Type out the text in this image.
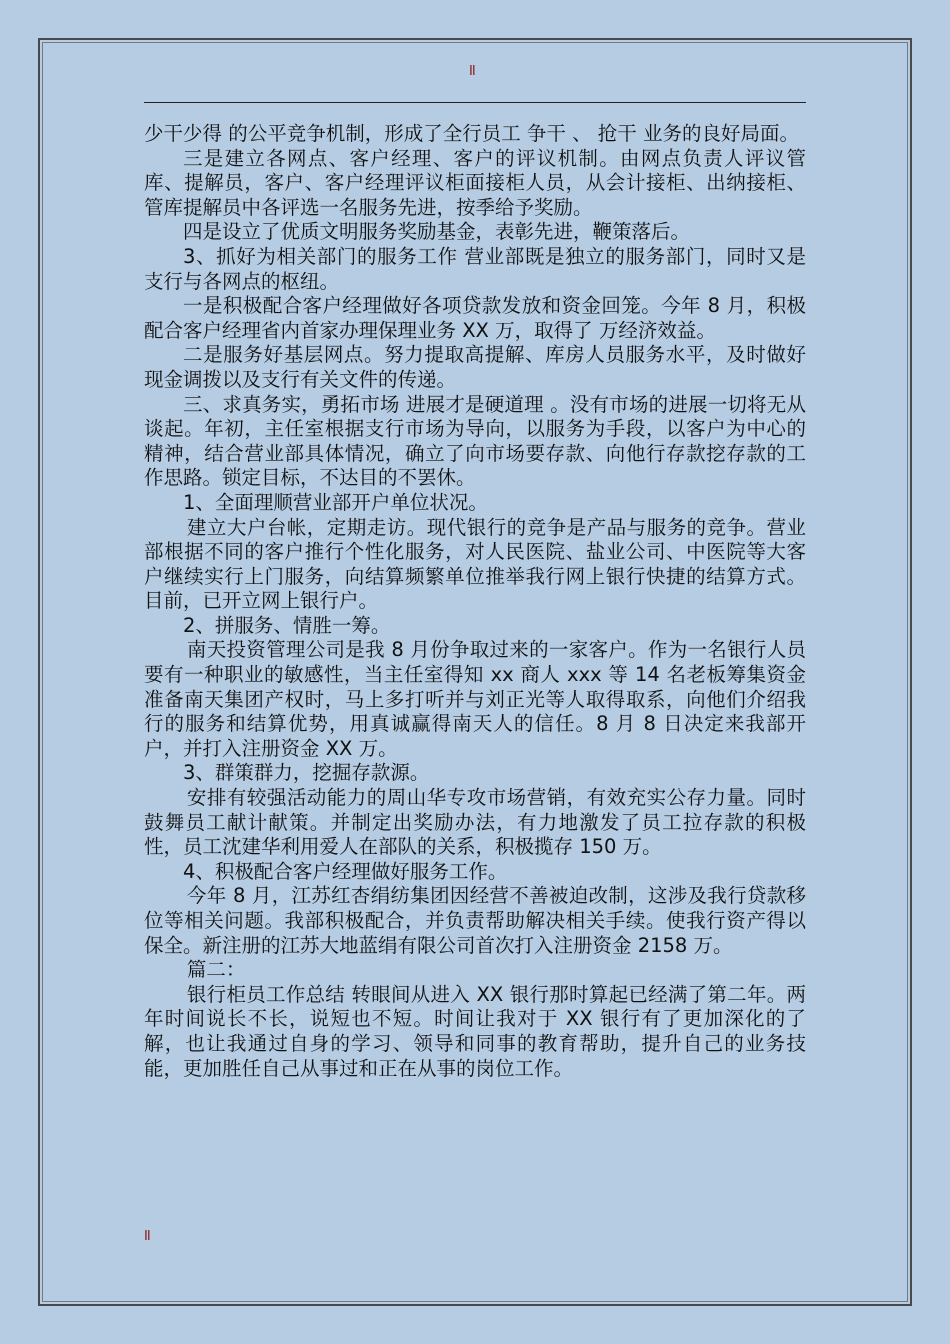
II

少干少得 的公平竞争机制，形成了全行员工 争干 、 抢干 业务的良好局面。

三是建立各网点、客户经理、客户的评议机制。由网点负责人评议管库、提解员，客户、客户经理评议柜面接柜人员，从会计接柜、出纳接柜、管库提解员中各评选一名服务先进，按季给予奖励。

四是设立了优质文明服务奖励基金，表彰先进，鞭策落后。

3、抓好为相关部门的服务工作 营业部既是独立的服务部门，同时又是支行与各网点的枢纽。

一是积极配合客户经理做好各项贷款发放和资金回笼。今年 8 月，积极配合客户经理省内首家办理保理业务 XX 万，取得了 万经济效益。

二是服务好基层网点。努力提取高提解、库房人员服务水平，及时做好现金调拨以及支行有关文件的传递。

三、求真务实，勇拓市场 进展才是硬道理 。没有市场的进展一切将无从谈起。年初，主任室根据支行市场为导向，以服务为手段，以客户为中心的精神，结合营业部具体情况，确立了向市场要存款、向他行存款挖存款的工作思路。锁定目标，不达目的不罢休。

1、全面理顺营业部开户单位状况。

建立大户台帐，定期走访。现代银行的竞争是产品与服务的竞争。营业部根据不同的客户推行个性化服务，对人民医院、盐业公司、中医院等大客户继续实行上门服务，向结算频繁单位推举我行网上银行快捷的结算方式。目前，已开立网上银行户。

2、拼服务、情胜一筹。

南天投资管理公司是我 8 月份争取过来的一家客户。作为一名银行人员要有一种职业的敏感性，当主任室得知 xx 商人 xxx 等 14 名老板筹集资金准备南天集团产权时，马上多打听并与刘正光等人取得取系，向他们介绍我行的服务和结算优势，用真诚赢得南天人的信任。8 月 8 日决定来我部开户，并打入注册资金 XX 万。

3、群策群力，挖掘存款源。

安排有较强活动能力的周山华专攻市场营销，有效充实公存力量。同时鼓舞员工献计献策。并制定出奖励办法，有力地激发了员工拉存款的积极性，员工沈建华利用爱人在部队的关系，积极揽存 150 万。

4、积极配合客户经理做好服务工作。

今年 8 月，江苏红杏绢纺集团因经营不善被迫改制，这涉及我行贷款移位等相关问题。我部积极配合，并负责帮助解决相关手续。使我行资产得以保全。新注册的江苏大地蓝绢有限公司首次打入注册资金 2158 万。

篇二：

银行柜员工作总结 转眼间从进入 XX 银行那时算起已经满了第二年。两年时间说长不长，说短也不短。时间让我对于 XX 银行有了更加深化的了解，也让我通过自身的学习、领导和同事的教育帮助，提升自己的业务技能，更加胜任自己从事过和正在从事的岗位工作。

II
